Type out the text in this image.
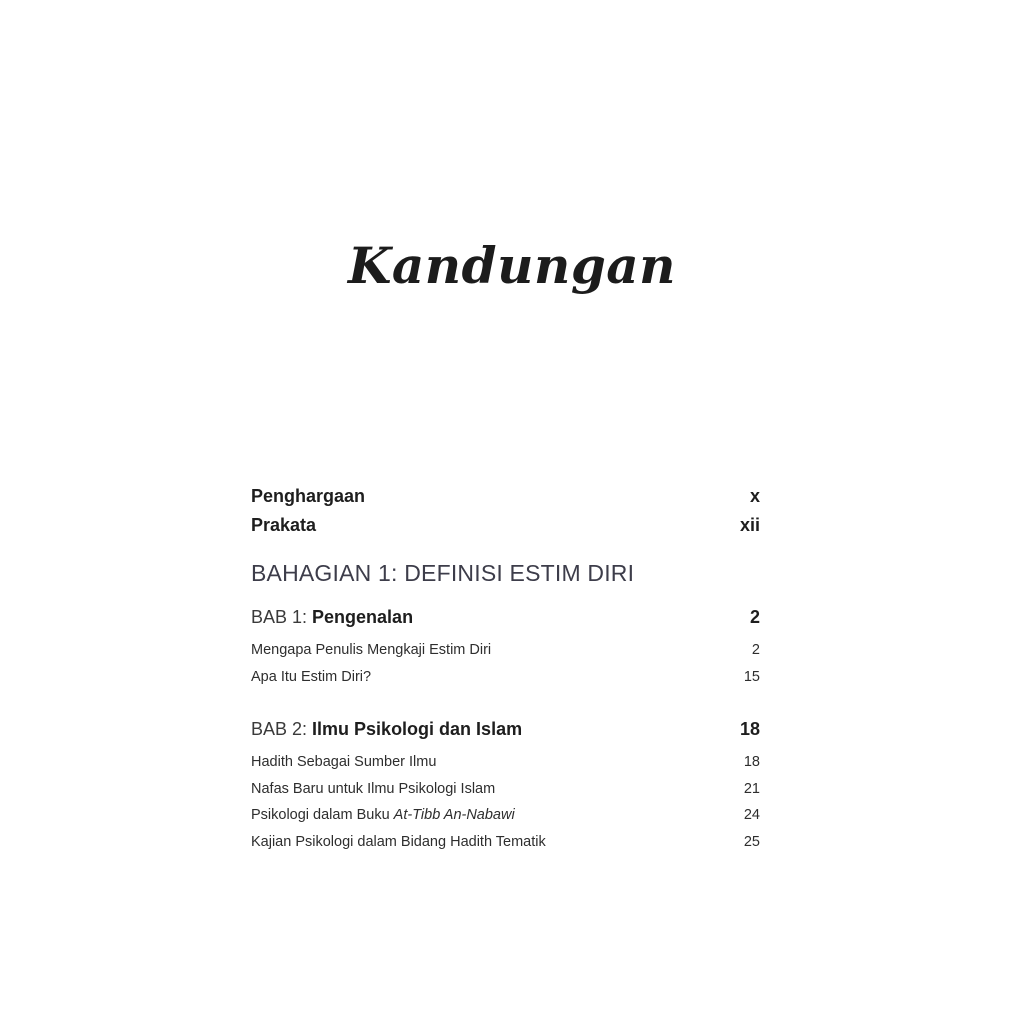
Kandungan
Penghargaan	x
Prakata	xii
BAHAGIAN 1: DEFINISI ESTIM DIRI
BAB 1: Pengenalan	2
Mengapa Penulis Mengkaji Estim Diri	2
Apa Itu Estim Diri?	15
BAB 2: Ilmu Psikologi dan Islam	18
Hadith Sebagai Sumber Ilmu	18
Nafas Baru untuk Ilmu Psikologi Islam	21
Psikologi dalam Buku At-Tibb An-Nabawi	24
Kajian Psikologi dalam Bidang Hadith Tematik	25
